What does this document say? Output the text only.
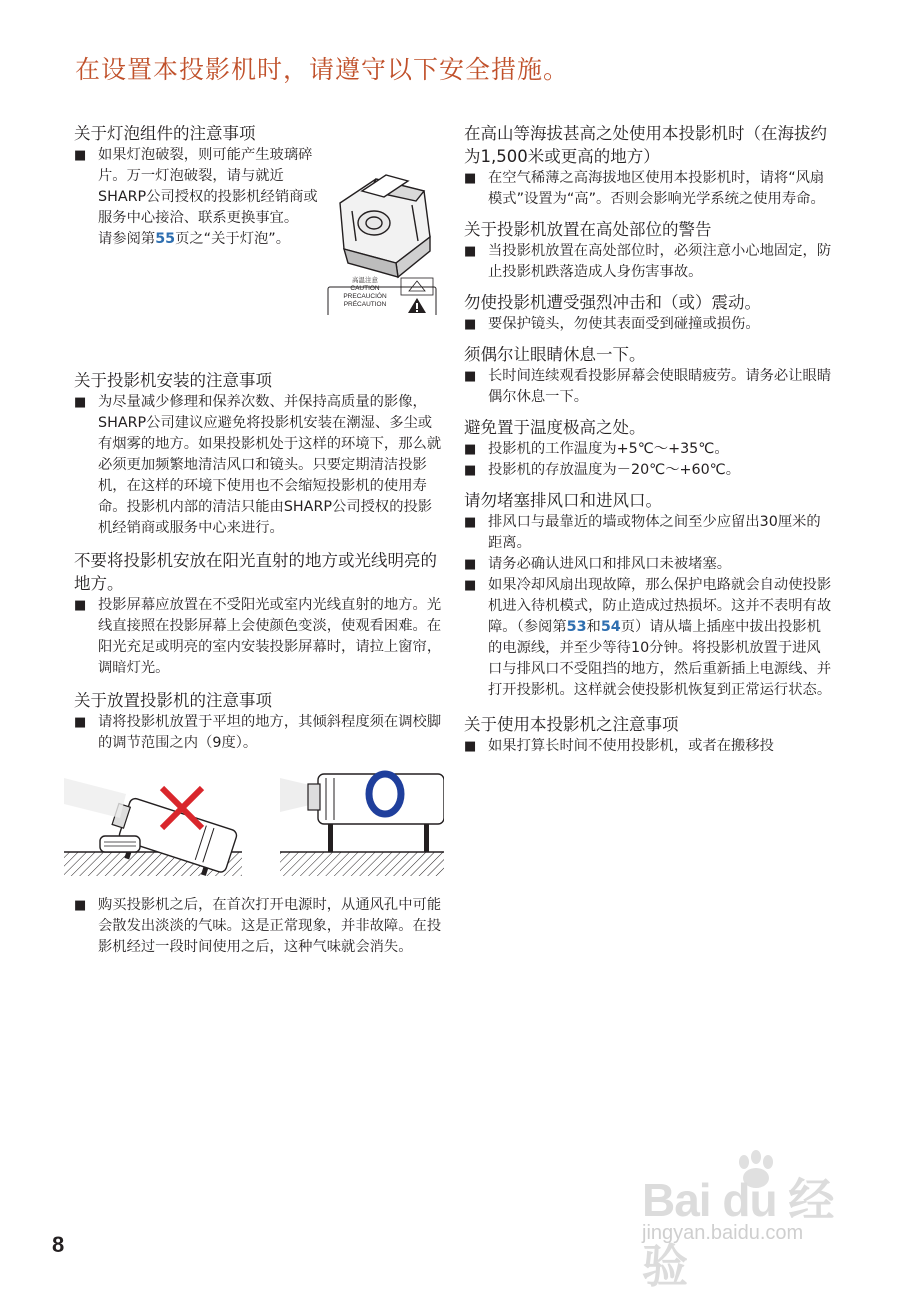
在设置本投影机时，请遵守以下安全措施。
关于灯泡组件的注意事项
■ 如果灯泡破裂，则可能产生玻璃碎片。万一灯泡破裂，请与就近SHARP公司授权的投影机经销商或服务中心接洽、联系更换事宜。
请参阅第55页之“关于灯泡”。
高温注意
CAUTION
PRECAUCIÓN
PRÉCAUTION
关于投影机安装的注意事项
■ 为尽量减少修理和保养次数、并保持高质量的影像，SHARP公司建议应避免将投影机安装在潮湿、多尘或有烟雾的地方。如果投影机处于这样的环境下，那么就必须更加频繁地清洁风口和镜头。只要定期清洁投影机，在这样的环境下使用也不会缩短投影机的使用寿命。投影机内部的清洁只能由SHARP公司授权的投影机经销商或服务中心来进行。
不要将投影机安放在阳光直射的地方或光线明亮的地方。
■ 投影屏幕应放置在不受阳光或室内光线直射的地方。光线直接照在投影屏幕上会使颜色变淡，使观看困难。在阳光充足或明亮的室内安装投影屏幕时，请拉上窗帘，调暗灯光。
关于放置投影机的注意事项
■ 请将投影机放置于平坦的地方，其倾斜程度须在调校脚的调节范围之内（9度）。
■ 购买投影机之后，在首次打开电源时，从通风孔中可能会散发出淡淡的气味。这是正常现象，并非故障。在投影机经过一段时间使用之后，这种气味就会消失。
在高山等海拔甚高之处使用本投影机时（在海拔约为1,500米或更高的地方）
■ 在空气稀薄之高海拔地区使用本投影机时，请将“风扇模式”设置为“高”。否则会影响光学系统之使用寿命。
关于投影机放置在高处部位的警告
■ 当投影机放置在高处部位时，必须注意小心地固定，防止投影机跌落造成人身伤害事故。
勿使投影机遭受强烈冲击和（或）震动。
■ 要保护镜头，勿使其表面受到碰撞或损伤。
须偶尔让眼睛休息一下。
■ 长时间连续观看投影屏幕会使眼睛疲劳。请务必让眼睛偶尔休息一下。
避免置于温度极高之处。
■ 投影机的工作温度为+5℃～+35℃。
■ 投影机的存放温度为－20℃～+60℃。
请勿堵塞排风口和进风口。
■ 排风口与最靠近的墙或物体之间至少应留出30厘米的距离。
■ 请务必确认进风口和排风口未被堵塞。
■ 如果冷却风扇出现故障，那么保护电路就会自动使投影机进入待机模式，防止造成过热损坏。这并不表明有故障。（参阅第53和54页）请从墙上插座中拔出投影机的电源线，并至少等待10分钟。将投影机放置于进风口与排风口不受阻挡的地方，然后重新插上电源线、并打开投影机。这样就会使投影机恢复到正常运行状态。
关于使用本投影机之注意事项
■ 如果打算长时间不使用投影机，或者在搬移投
8
Bai du 经验
jingyan.baidu.com
